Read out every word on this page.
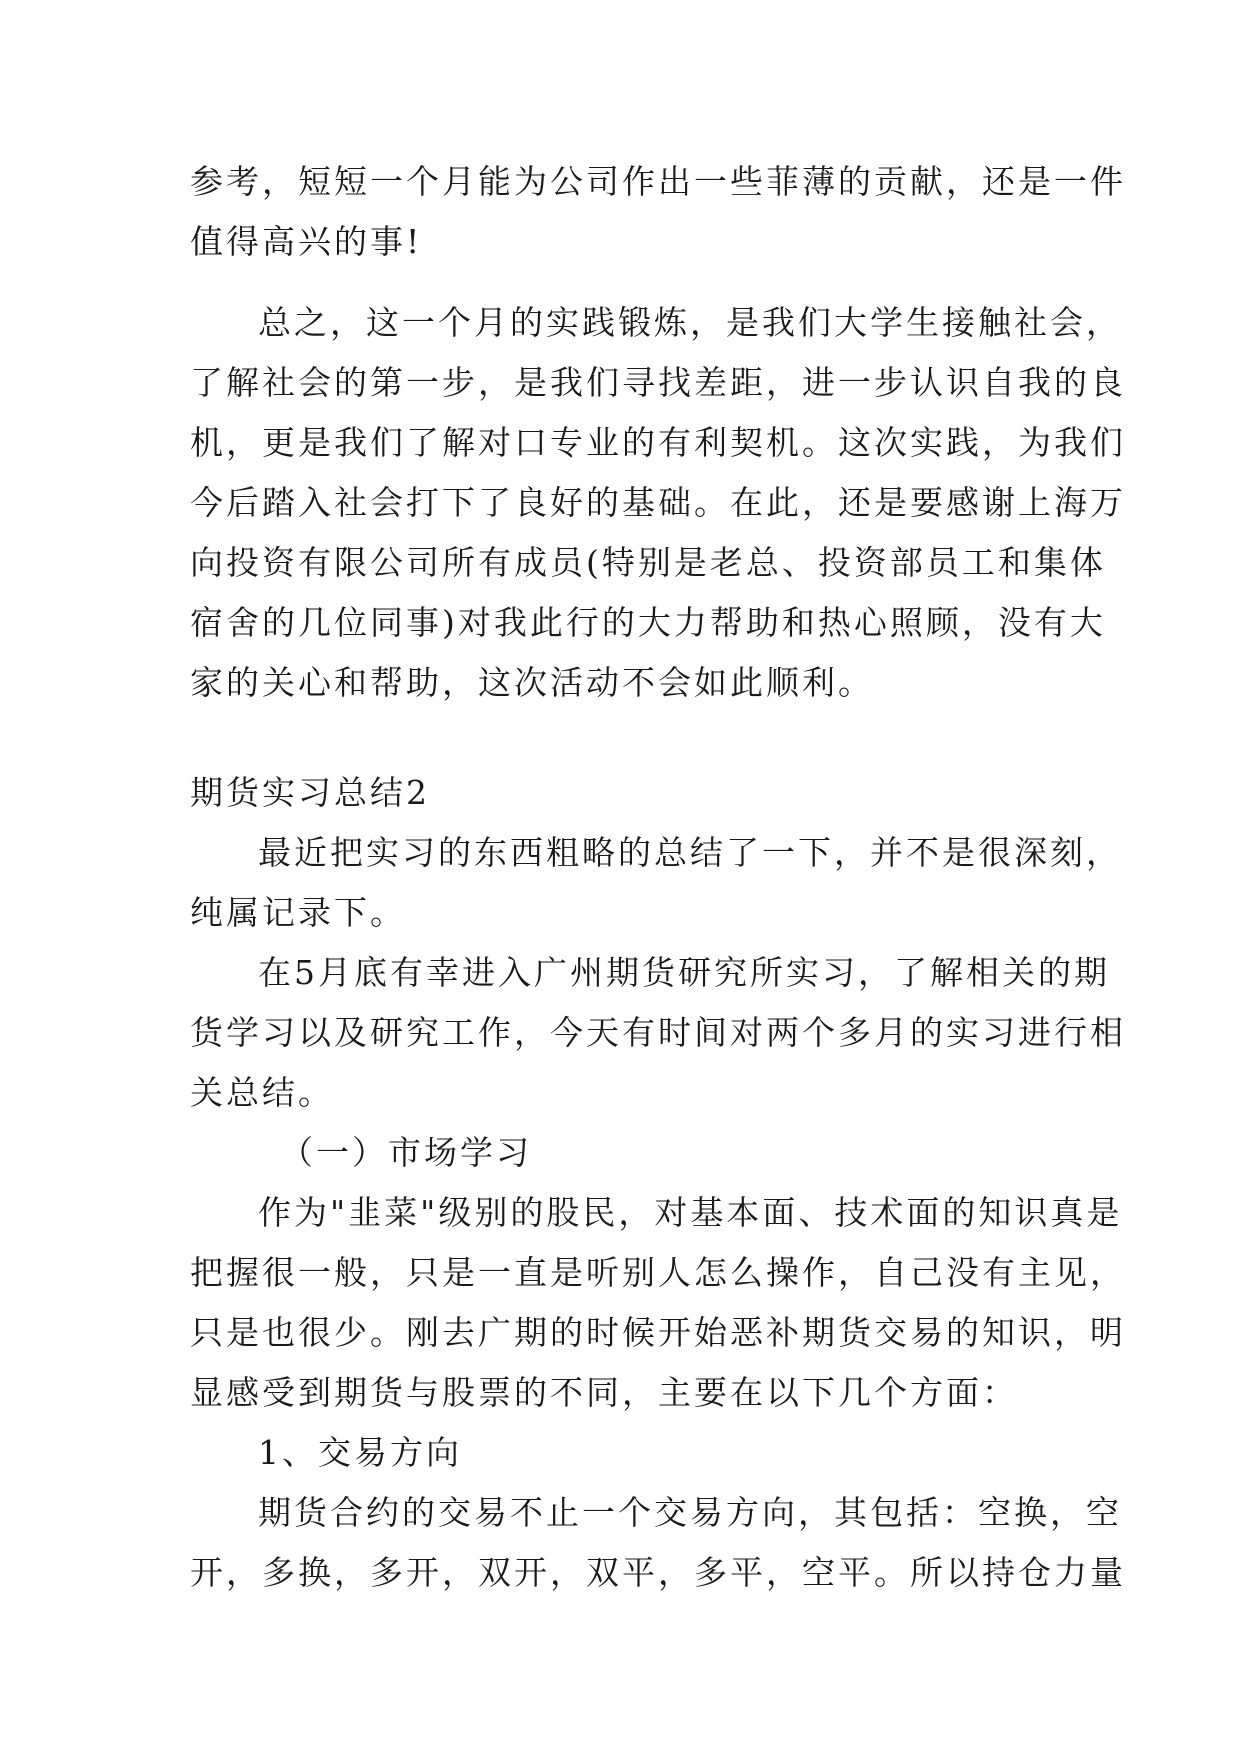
参考，短短一个月能为公司作出一些菲薄的贡献，还是一件
值得高兴的事!
总之，这一个月的实践锻炼，是我们大学生接触社会，
了解社会的第一步，是我们寻找差距，进一步认识自我的良
机，更是我们了解对口专业的有利契机。这次实践，为我们
今后踏入社会打下了良好的基础。在此，还是要感谢上海万
向投资有限公司所有成员(特别是老总、投资部员工和集体
宿舍的几位同事)对我此行的大力帮助和热心照顾，没有大
家的关心和帮助，这次活动不会如此顺利。
期货实习总结2
最近把实习的东西粗略的总结了一下，并不是很深刻，
纯属记录下。
在5月底有幸进入广州期货研究所实习，了解相关的期
货学习以及研究工作，今天有时间对两个多月的实习进行相
关总结。
（一）市场学习
作为"韭菜"级别的股民，对基本面、技术面的知识真是
把握很一般，只是一直是听别人怎么操作，自己没有主见，
只是也很少。刚去广期的时候开始恶补期货交易的知识，明
显感受到期货与股票的不同，主要在以下几个方面：
1、交易方向
期货合约的交易不止一个交易方向，其包括：空换，空
开，多换，多开，双开，双平，多平，空平。所以持仓力量
